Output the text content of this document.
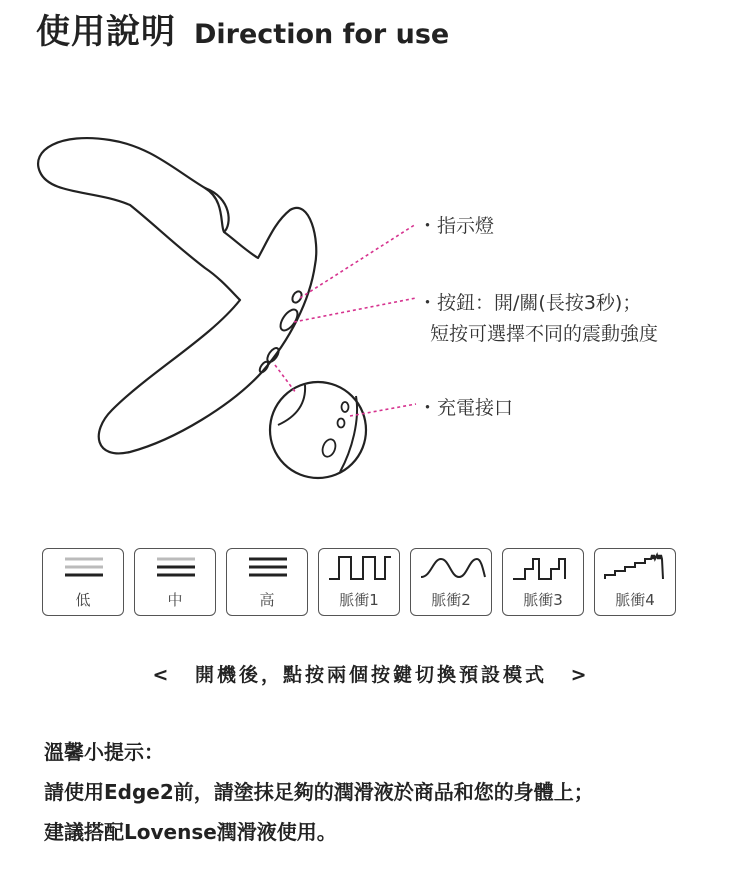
使用說明 Direction for use
・指示燈
・按鈕：開/關(長按3秒)；
短按可選擇不同的震動強度
・充電接口
低	中	高	脈衝1	脈衝2	脈衝3	脈衝4
< 開機後，點按兩個按鍵切換預設模式 >
溫馨小提示：
請使用Edge2前，請塗抹足夠的潤滑液於商品和您的身體上；
建議搭配Lovense潤滑液使用。
